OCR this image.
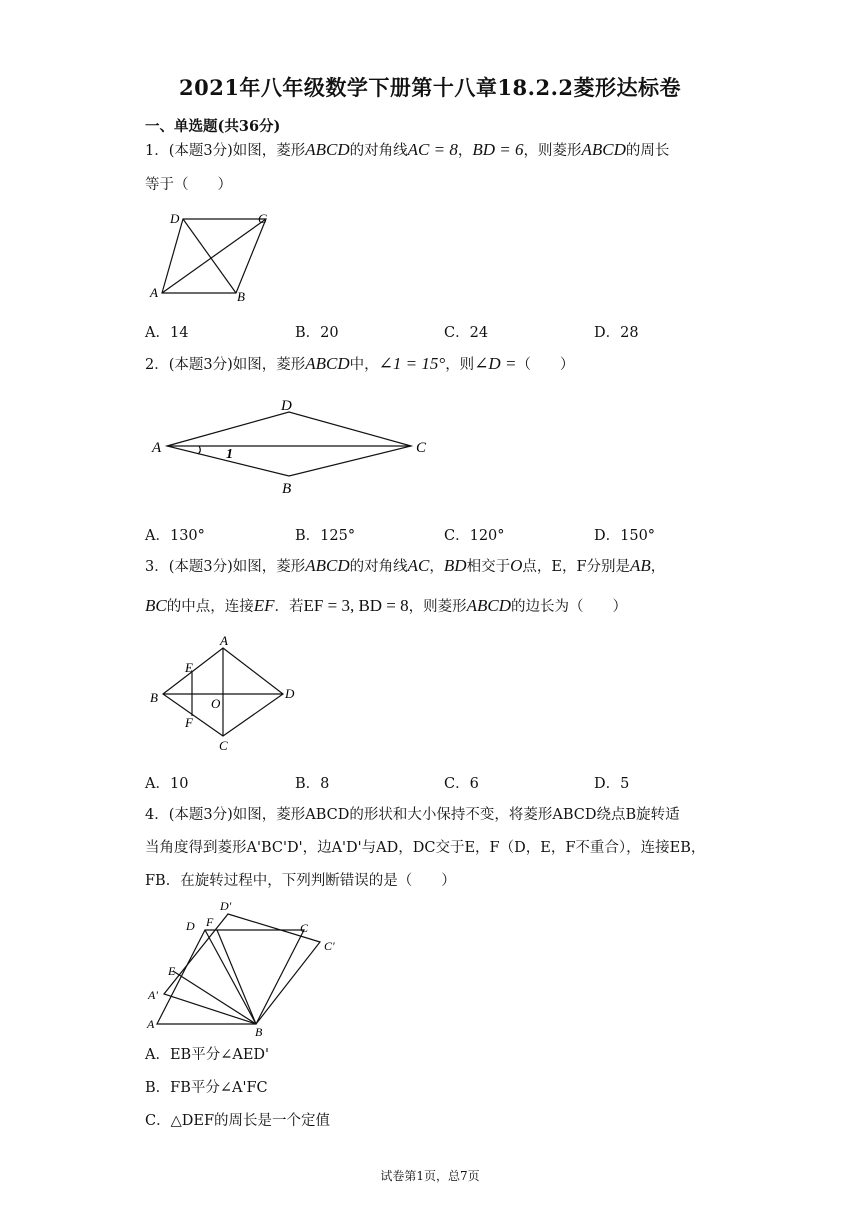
2021年八年级数学下册第十八章18.2.2菱形达标卷
一、单选题(共36分)
1．(本题3分)如图，菱形ABCD的对角线AC = 8，BD = 6，则菱形ABCD的周长
等于（　　）
D	C
A	B
A．14	B．20	C．24	D．28
2．(本题3分)如图，菱形ABCD中，∠1 = 15°，则∠D =（　　）
A
D
C
B
1
A．130°	B．125°	C．120°	D．150°
3．(本题3分)如图，菱形ABCD的对角线AC，BD相交于O点，E，F分别是AB，
BC的中点，连接EF．若EF = 3, BD = 8，则菱形ABCD的边长为（　　）
A
E
B	D
O
F
C
A．10	B．8	C．6	D．5
4．(本题3分)如图，菱形ABCD的形状和大小保持不变，将菱形ABCD绕点B旋转适
当角度得到菱形A'BC'D'，边A'D'与AD，DC交于E，F（D，E，F不重合），连接EB，
FB．在旋转过程中，下列判断错误的是（　　）
D'
D F	C
C'
E
A'
A
B
A．EB平分∠AED'
B．FB平分∠A'FC
C．△DEF的周长是一个定值
试卷第1页，总7页
